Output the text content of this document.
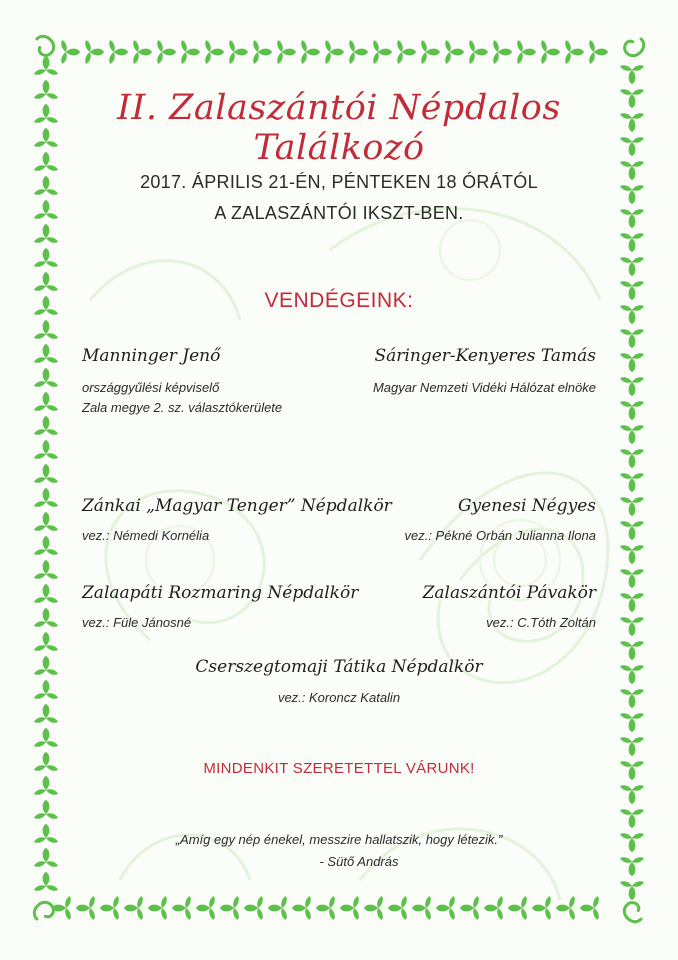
II. Zalaszántói Népdalos Találkozó
2017. ÁPRILIS 21-ÉN, PÉNTEKEN 18 ÓRÁTÓL
A ZALASZÁNTÓI IKSZT-BEN.
VENDÉGEINK:
Manninger Jenő
országgyűlési képviselő
Zala megye 2. sz. választókerülete
Sáringer-Kenyeres Tamás
Magyar Nemzeti Vidéki Hálózat elnöke
Zánkai „Magyar Tenger” Népdalkör
vez.: Némedi Kornélia
Gyenesi Négyes
vez.: Pékné Orbán Julianna Ilona
Zalaapáti Rozmaring Népdalkör
vez.: Füle Jánosné
Zalaszántói Pávakör
vez.: C.Tóth Zoltán
Cserszegtomaji Tátika Népdalkör
vez.: Koroncz Katalin
MINDENKIT SZERETETTEL VÁRUNK!
„Amíg egy nép énekel, messzire hallatszik, hogy létezik.”
- Sütő András
